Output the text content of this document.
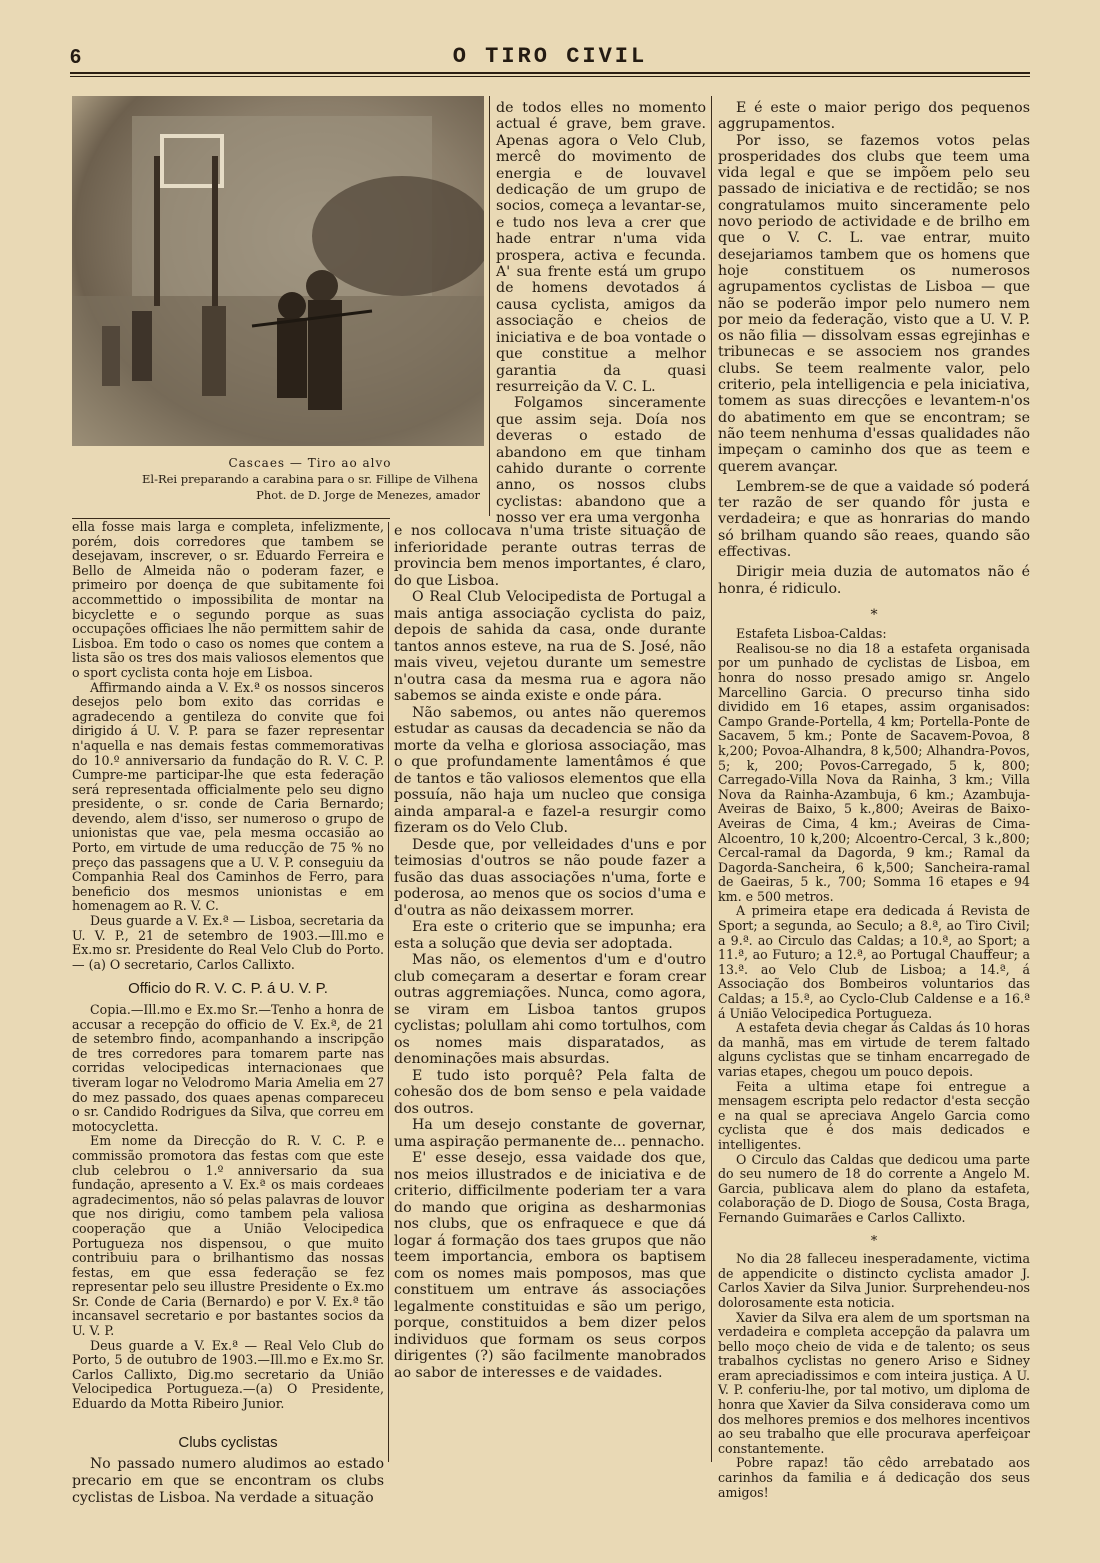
O TIRO CIVIL
6
Cascaes — Tiro ao alvo
El-Rei preparando a carabina para o sr. Fillipe de Vilhena
Phot. de D. Jorge de Menezes, amador

ella fosse mais larga e completa, infelizmente, porém, dois corredores que tambem se desejavam, inscrever, o sr. Eduardo Ferreira e Bello de Almeida não o poderam fazer, e primeiro por doença de que subitamente foi accommettido o impossibilita de montar na bicyclette e o segundo porque as suas occupações officiaes lhe não permittem sahir de Lisboa. Em todo o caso os nomes que contem a lista são os tres dos mais valiosos elementos que o sport cyclista conta hoje em Lisboa.

Affirmando ainda a V. Ex.ª os nossos sinceros desejos pelo bom exito das corridas e agradecendo a gentileza do convite que foi dirigido á U. V. P. para se fazer representar n'aquella e nas demais festas commemorativas do 10.º anniversario da fundação do R. V. C. P. Cumpre-me participar-lhe que esta federação será representada officialmente pelo seu digno presidente, o sr. conde de Caria Bernardo; devendo, alem d'isso, ser numeroso o grupo de unionistas que vae, pela mesma occasião ao Porto, em virtude de uma reducção de 75 % no preço das passagens que a U. V. P. conseguiu da Companhia Real dos Caminhos de Ferro, para beneficio dos mesmos unionistas e em homenagem ao R. V. C.

Deus guarde a V. Ex.ª — Lisboa, secretaria da U. V. P., 21 de setembro de 1903.—Ill.mo e Ex.mo sr. Presidente do Real Velo Club do Porto. — (a) O secretario, Carlos Callixto.

Officio do R. V. C. P. á U. V. P.

Copia.—Ill.mo e Ex.mo Sr.—Tenho a honra de accusar a recepção do officio de V. Ex.ª, de 21 de setembro findo, acompanhando a inscripção de tres corredores para tomarem parte nas corridas velocipedicas internacionaes que tiveram logar no Velodromo Maria Amelia em 27 do mez passado, dos quaes apenas compareceu o sr. Candido Rodrigues da Silva, que correu em motocycletta.

Em nome da Direcção do R. V. C. P. e commissão promotora das festas com que este club celebrou o 1.º anniversario da sua fundação, apresento a V. Ex.ª os mais cordeaes agradecimentos, não só pelas palavras de louvor que nos dirigiu, como tambem pela valiosa cooperação que a União Velocipedica Portugueza nos dispensou, o que muito contribuiu para o brilhantismo das nossas festas, em que essa federação se fez representar pelo seu illustre Presidente o Ex.mo Sr. Conde de Caria (Bernardo) e por V. Ex.ª tão incansavel secretario e por bastantes socios da U. V. P.

Deus guarde a V. Ex.ª — Real Velo Club do Porto, 5 de outubro de 1903.—Ill.mo e Ex.mo Sr. Carlos Callixto, Dig.mo secretario da União Velocipedica Portugueza.—(a) O Presidente, Eduardo da Motta Ribeiro Junior.

Clubs cyclistas

No passado numero aludimos ao estado precario em que se encontram os clubs cyclistas de Lisboa. Na verdade a situação

de todos elles no momento actual é grave, bem grave. Apenas agora o Velo Club, mercê do movimento de energia e de louvavel dedicação de um grupo de socios, começa a levantar-se, e tudo nos leva a crer que hade entrar n'uma vida prospera, activa e fecunda. A' sua frente está um grupo de homens devotados á causa cyclista, amigos da associação e cheios de iniciativa e de boa vontade o que constitue a melhor garantia da quasi resurreição da V. C. L.

Folgamos sinceramente que assim seja. Doía nos deveras o estado de abandono em que tinham cahido durante o corrente anno, os nossos clubs cyclistas: abandono que a nosso ver era uma vergonha

e nos collocava n'uma triste situação de inferioridade perante outras terras de provincia bem menos importantes, é claro, do que Lisboa.

O Real Club Velocipedista de Portugal a mais antiga associação cyclista do paiz, depois de sahida da casa, onde durante tantos annos esteve, na rua de S. José, não mais viveu, vejetou durante um semestre n'outra casa da mesma rua e agora não sabemos se ainda existe e onde pára.

Não sabemos, ou antes não queremos estudar as causas da decadencia se não da morte da velha e gloriosa associação, mas o que profundamente lamentâmos é que de tantos e tão valiosos elementos que ella possuía, não haja um nucleo que consiga ainda amparal-a e fazel-a resurgir como fizeram os do Velo Club.

Desde que, por velleidades d'uns e por teimosias d'outros se não poude fazer a fusão das duas associações n'uma, forte e poderosa, ao menos que os socios d'uma e d'outra as não deixassem morrer.

Era este o criterio que se impunha; era esta a solução que devia ser adoptada.

Mas não, os elementos d'um e d'outro club começaram a desertar e foram crear outras aggremiações. Nunca, como agora, se viram em Lisboa tantos grupos cyclistas; polullam ahi como tortulhos, com os nomes mais disparatados, as denominações mais absurdas.

E tudo isto porquê? Pela falta de cohesão dos de bom senso e pela vaidade dos outros.

Ha um desejo constante de governar, uma aspiração permanente de... pennacho.

E' esse desejo, essa vaidade dos que, nos meios illustrados e de iniciativa e de criterio, difficilmente poderiam ter a vara do mando que origina as desharmonias nos clubs, que os enfraquece e que dá logar á formação dos taes grupos que não teem importancia, embora os baptisem com os nomes mais pomposos, mas que constituem um entrave ás associações legalmente constituidas e são um perigo, porque, constituidos a bem dizer pelos individuos que formam os seus corpos dirigentes (?) são facilmente manobrados ao sabor de interesses e de vaidades.

E é este o maior perigo dos pequenos aggrupamentos.

Por isso, se fazemos votos pelas prosperidades dos clubs que teem uma vida legal e que se impõem pelo seu passado de iniciativa e de rectidão; se nos congratulamos muito sinceramente pelo novo periodo de actividade e de brilho em que o V. C. L. vae entrar, muito desejariamos tambem que os homens que hoje constituem os numerosos agrupamentos cyclistas de Lisboa — que não se poderão impor pelo numero nem por meio da federação, visto que a U. V. P. os não filia — dissolvam essas egrejinhas e tribunecas e se associem nos grandes clubs. Se teem realmente valor, pelo criterio, pela intelligencia e pela iniciativa, tomem as suas direcções e levantem-n'os do abatimento em que se encontram; se não teem nenhuma d'essas qualidades não impeçam o caminho dos que as teem e querem avançar.

Lembrem-se de que a vaidade só poderá ter razão de ser quando fôr justa e verdadeira; e que as honrarias do mando só brilham quando são reaes, quando são effectivas.

Dirigir meia duzia de automatos não é honra, é ridiculo.

*

Estafeta Lisboa-Caldas:

Realisou-se no dia 18 a estafeta organisada por um punhado de cyclistas de Lisboa, em honra do nosso presado amigo sr. Angelo Marcellino Garcia. O precurso tinha sido dividido em 16 etapes, assim organisados: Campo Grande-Portella, 4 km; Portella-Ponte de Sacavem, 5 km.; Ponte de Sacavem-Povoa, 8 k,200; Povoa-Alhandra, 8 k,500; Alhandra-Povos, 5; k, 200; Povos-Carregado, 5 k, 800; Carregado-Villa Nova da Rainha, 3 km.; Villa Nova da Rainha-Azambuja, 6 km.; Azambuja-Aveiras de Baixo, 5 k.,800; Aveiras de Baixo-Aveiras de Cima, 4 km.; Aveiras de Cima-Alcoentro, 10 k,200; Alcoentro-Cercal, 3 k.,800; Cercal-ramal da Dagorda, 9 km.; Ramal da Dagorda-Sancheira, 6 k,500; Sancheira-ramal de Gaeiras, 5 k., 700; Somma 16 etapes e 94 km. e 500 metros.

A primeira etape era dedicada á Revista de Sport; a segunda, ao Seculo; a 8.ª, ao Tiro Civil; a 9.ª. ao Circulo das Caldas; a 10.ª, ao Sport; a 11.ª, ao Futuro; a 12.ª, ao Portugal Chauffeur; a 13.ª. ao Velo Club de Lisboa; a 14.ª, á Associação dos Bombeiros voluntarios das Caldas; a 15.ª, ao Cyclo-Club Caldense e a 16.ª á União Velocipedica Portugueza.

A estafeta devia chegar ás Caldas ás 10 horas da manhã, mas em virtude de terem faltado alguns cyclistas que se tinham encarregado de varias etapes, chegou um pouco depois.

Feita a ultima etape foi entregue a mensagem escripta pelo redactor d'esta secção e na qual se apreciava Angelo Garcia como cyclista que é dos mais dedicados e intelligentes.

O Circulo das Caldas que dedicou uma parte do seu numero de 18 do corrente a Angelo M. Garcia, publicava alem do plano da estafeta, colaboração de D. Diogo de Sousa, Costa Braga, Fernando Guimarães e Carlos Callixto.

*

No dia 28 falleceu inesperadamente, victima de appendicite o distincto cyclista amador J. Carlos Xavier da Silva Junior. Surprehendeu-nos dolorosamente esta noticia.

Xavier da Silva era alem de um sportsman na verdadeira e completa accepção da palavra um bello moço cheio de vida e de talento; os seus trabalhos cyclistas no genero Ariso e Sidney eram apreciadissimos e com inteira justiça. A U. V. P. conferiu-lhe, por tal motivo, um diploma de honra que Xavier da Silva considerava como um dos melhores premios e dos melhores incentivos ao seu trabalho que elle procurava aperfeiçoar constantemente.

Pobre rapaz! tão cêdo arrebatado aos carinhos da familia e á dedicação dos seus amigos!
